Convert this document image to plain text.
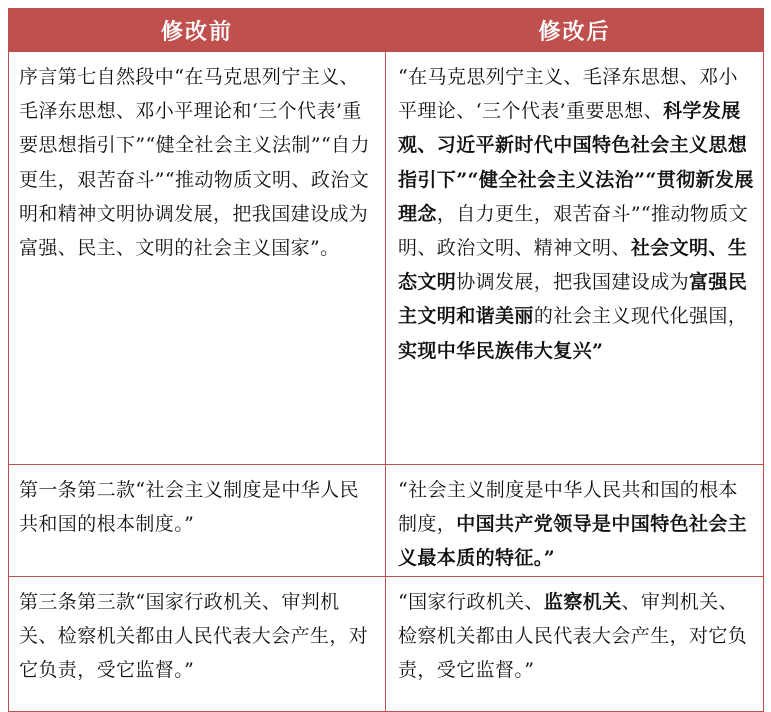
修改前	修改后
序言第七自然段中“在马克思列宁主义、毛泽东思想、邓小平理论和‘三个代表’重要思想指引下”“健全社会主义法制”“自力更生，艰苦奋斗”“推动物质文明、政治文明和精神文明协调发展，把我国建设成为富强、民主、文明的社会主义国家”。	“在马克思列宁主义、毛泽东思想、邓小平理论、‘三个代表’重要思想、科学发展观、习近平新时代中国特色社会主义思想指引下”“健全社会主义法治”“贯彻新发展理念，自力更生，艰苦奋斗”“推动物质文明、政治文明、精神文明、社会文明、生态文明协调发展，把我国建设成为富强民主文明和谐美丽的社会主义现代化强国，实现中华民族伟大复兴”
第一条第二款“社会主义制度是中华人民共和国的根本制度。”	“社会主义制度是中华人民共和国的根本制度，中国共产党领导是中国特色社会主义最本质的特征。”
第三条第三款“国家行政机关、审判机关、检察机关都由人民代表大会产生，对它负责，受它监督。”	“国家行政机关、监察机关、审判机关、检察机关都由人民代表大会产生，对它负责，受它监督。”
